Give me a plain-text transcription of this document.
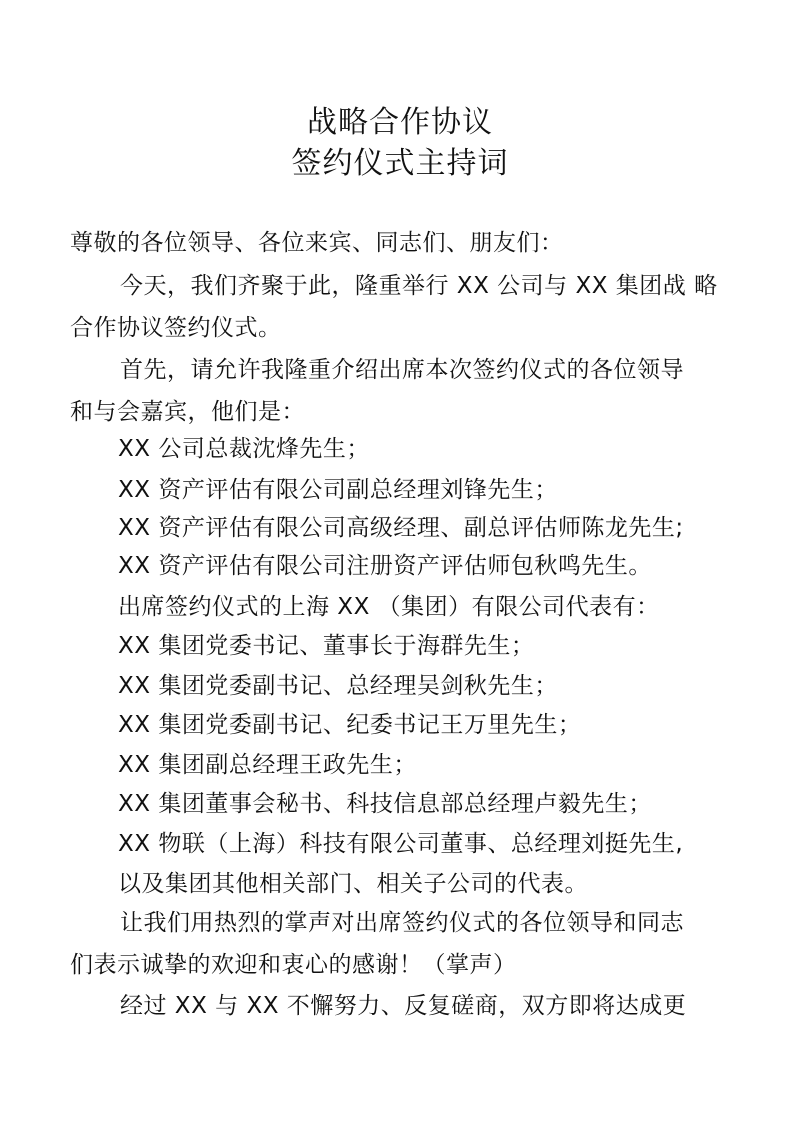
战略合作协议
签约仪式主持词
尊敬的各位领导、各位来宾、同志们、朋友们：
今天，我们齐聚于此，隆重举行 XX 公司与 XX 集团战 略
合作协议签约仪式。
首先，请允许我隆重介绍出席本次签约仪式的各位领导
和与会嘉宾，他们是：
XX 公司总裁沈烽先生；
XX 资产评估有限公司副总经理刘锋先生；
XX 资产评估有限公司高级经理、副总评估师陈龙先生;
XX 资产评估有限公司注册资产评估师包秋鸣先生。
出席签约仪式的上海 XX （集团）有限公司代表有：
XX 集团党委书记、董事长于海群先生；
XX 集团党委副书记、总经理吴剑秋先生；
XX 集团党委副书记、纪委书记王万里先生；
XX 集团副总经理王政先生；
XX 集团董事会秘书、科技信息部总经理卢毅先生；
XX 物联（上海）科技有限公司董事、总经理刘挺先生,
以及集团其他相关部门、相关子公司的代表。
让我们用热烈的掌声对出席签约仪式的各位领导和同志
们表示诚挚的欢迎和衷心的感谢！（掌声）
经过 XX 与 XX 不懈努力、反复磋商，双方即将达成更
